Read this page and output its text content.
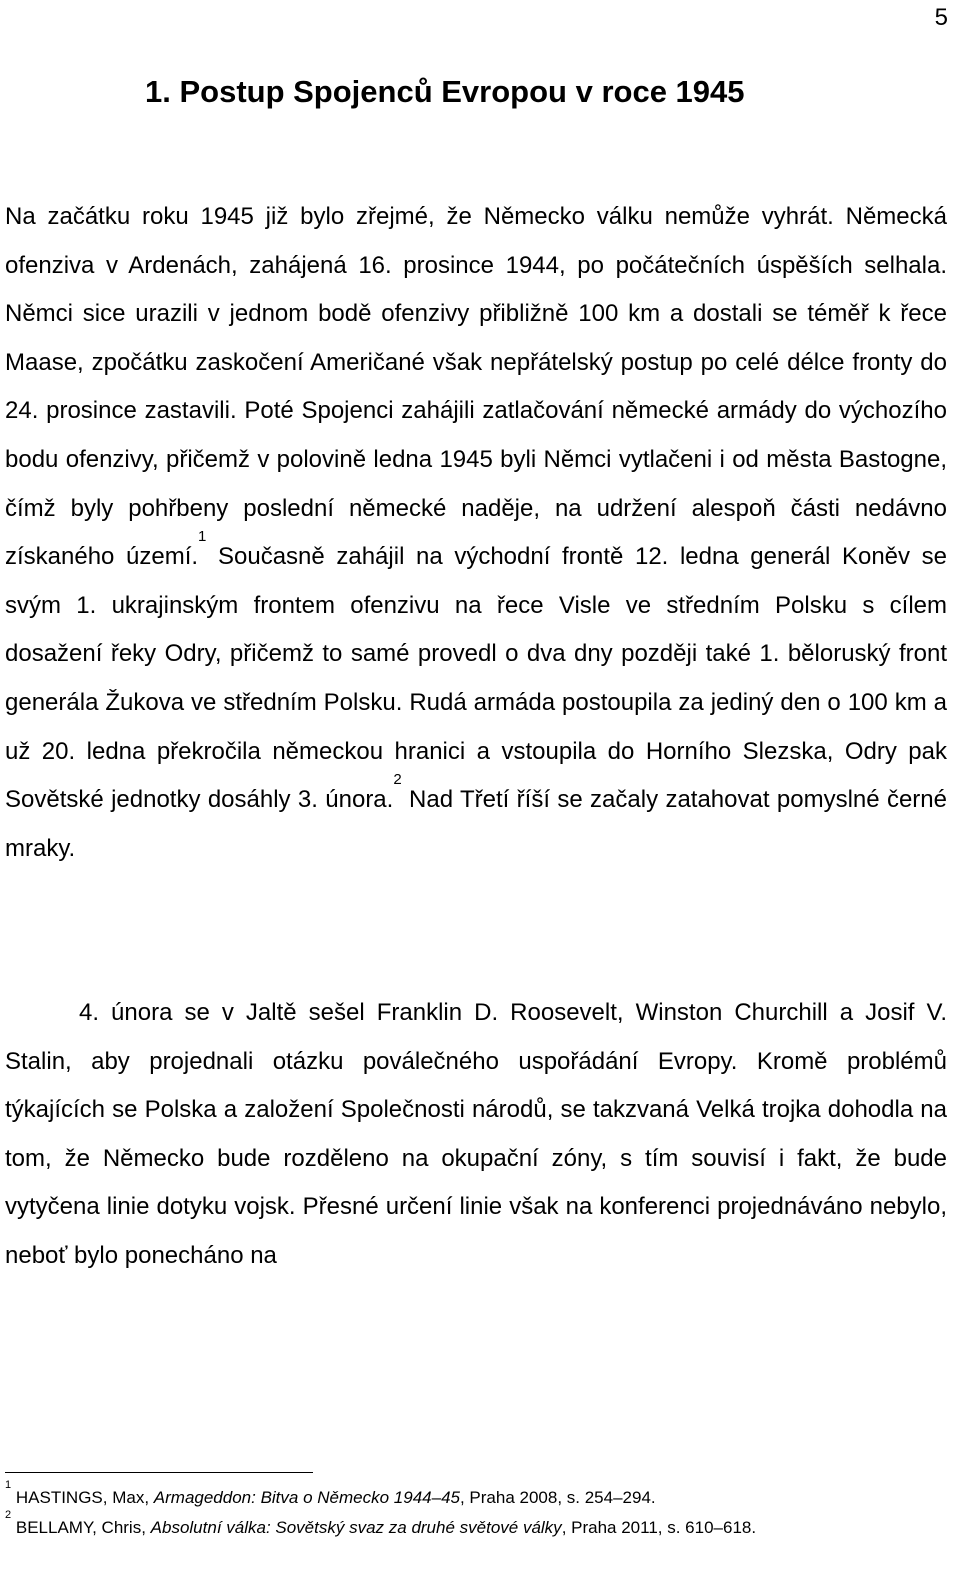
5
1. Postup Spojenců Evropou v roce 1945

Na začátku roku 1945 již bylo zřejmé, že Německo válku nemůže vyhrát. Německá ofenziva v Ardenách, zahájená 16. prosince 1944, po počátečních úspěších selhala. Němci sice urazili v jednom bodě ofenzivy přibližně 100 km a dostali se téměř k řece Maase, zpočátku zaskočení Američané však nepřátelský postup po celé délce fronty do 24. prosince zastavili. Poté Spojenci zahájili zatlačování německé armády do výchozího bodu ofenzivy, přičemž v polovině ledna 1945 byli Němci vytlačeni i od města Bastogne, čímž byly pohřbeny poslední německé naděje, na udržení alespoň části nedávno získaného území.$^1$ Současně zahájil na východní frontě 12. ledna generál Koněv se svým 1. ukrajinským frontem ofenzivu na řece Visle ve středním Polsku s cílem dosažení řeky Odry, přičemž to samé provedl o dva dny později také 1. běloruský front generála Žukova ve středním Polsku. Rudá armáda postoupila za jediný den o 100 km a už 20. ledna překročila německou hranici a vstoupila do Horního Slezska, Odry pak Sovětské jednotky dosáhly 3. února.$^2$ Nad Třetí říší se začaly zatahovat pomyslné černé mraky.

4. února se v Jaltě sešel Franklin D. Roosevelt, Winston Churchill a Josif V. Stalin, aby projednali otázku poválečného uspořádání Evropy. Kromě problémů týkajících se Polska a založení Společnosti národů, se takzvaná Velká trojka dohodla na tom, že Německo bude rozděleno na okupační zóny, s tím souvisí i fakt, že bude vytyčena linie dotyku vojsk. Přesné určení linie však na konferenci projednáváno nebylo, neboť bylo ponecháno na

$^1$ HASTINGS, Max, Armageddon: Bitva o Německo 1944–45, Praha 2008, s. 254–294.
$^2$ BELLAMY, Chris, Absolutní válka: Sovětský svaz za druhé světové války, Praha 2011, s. 610–618.
